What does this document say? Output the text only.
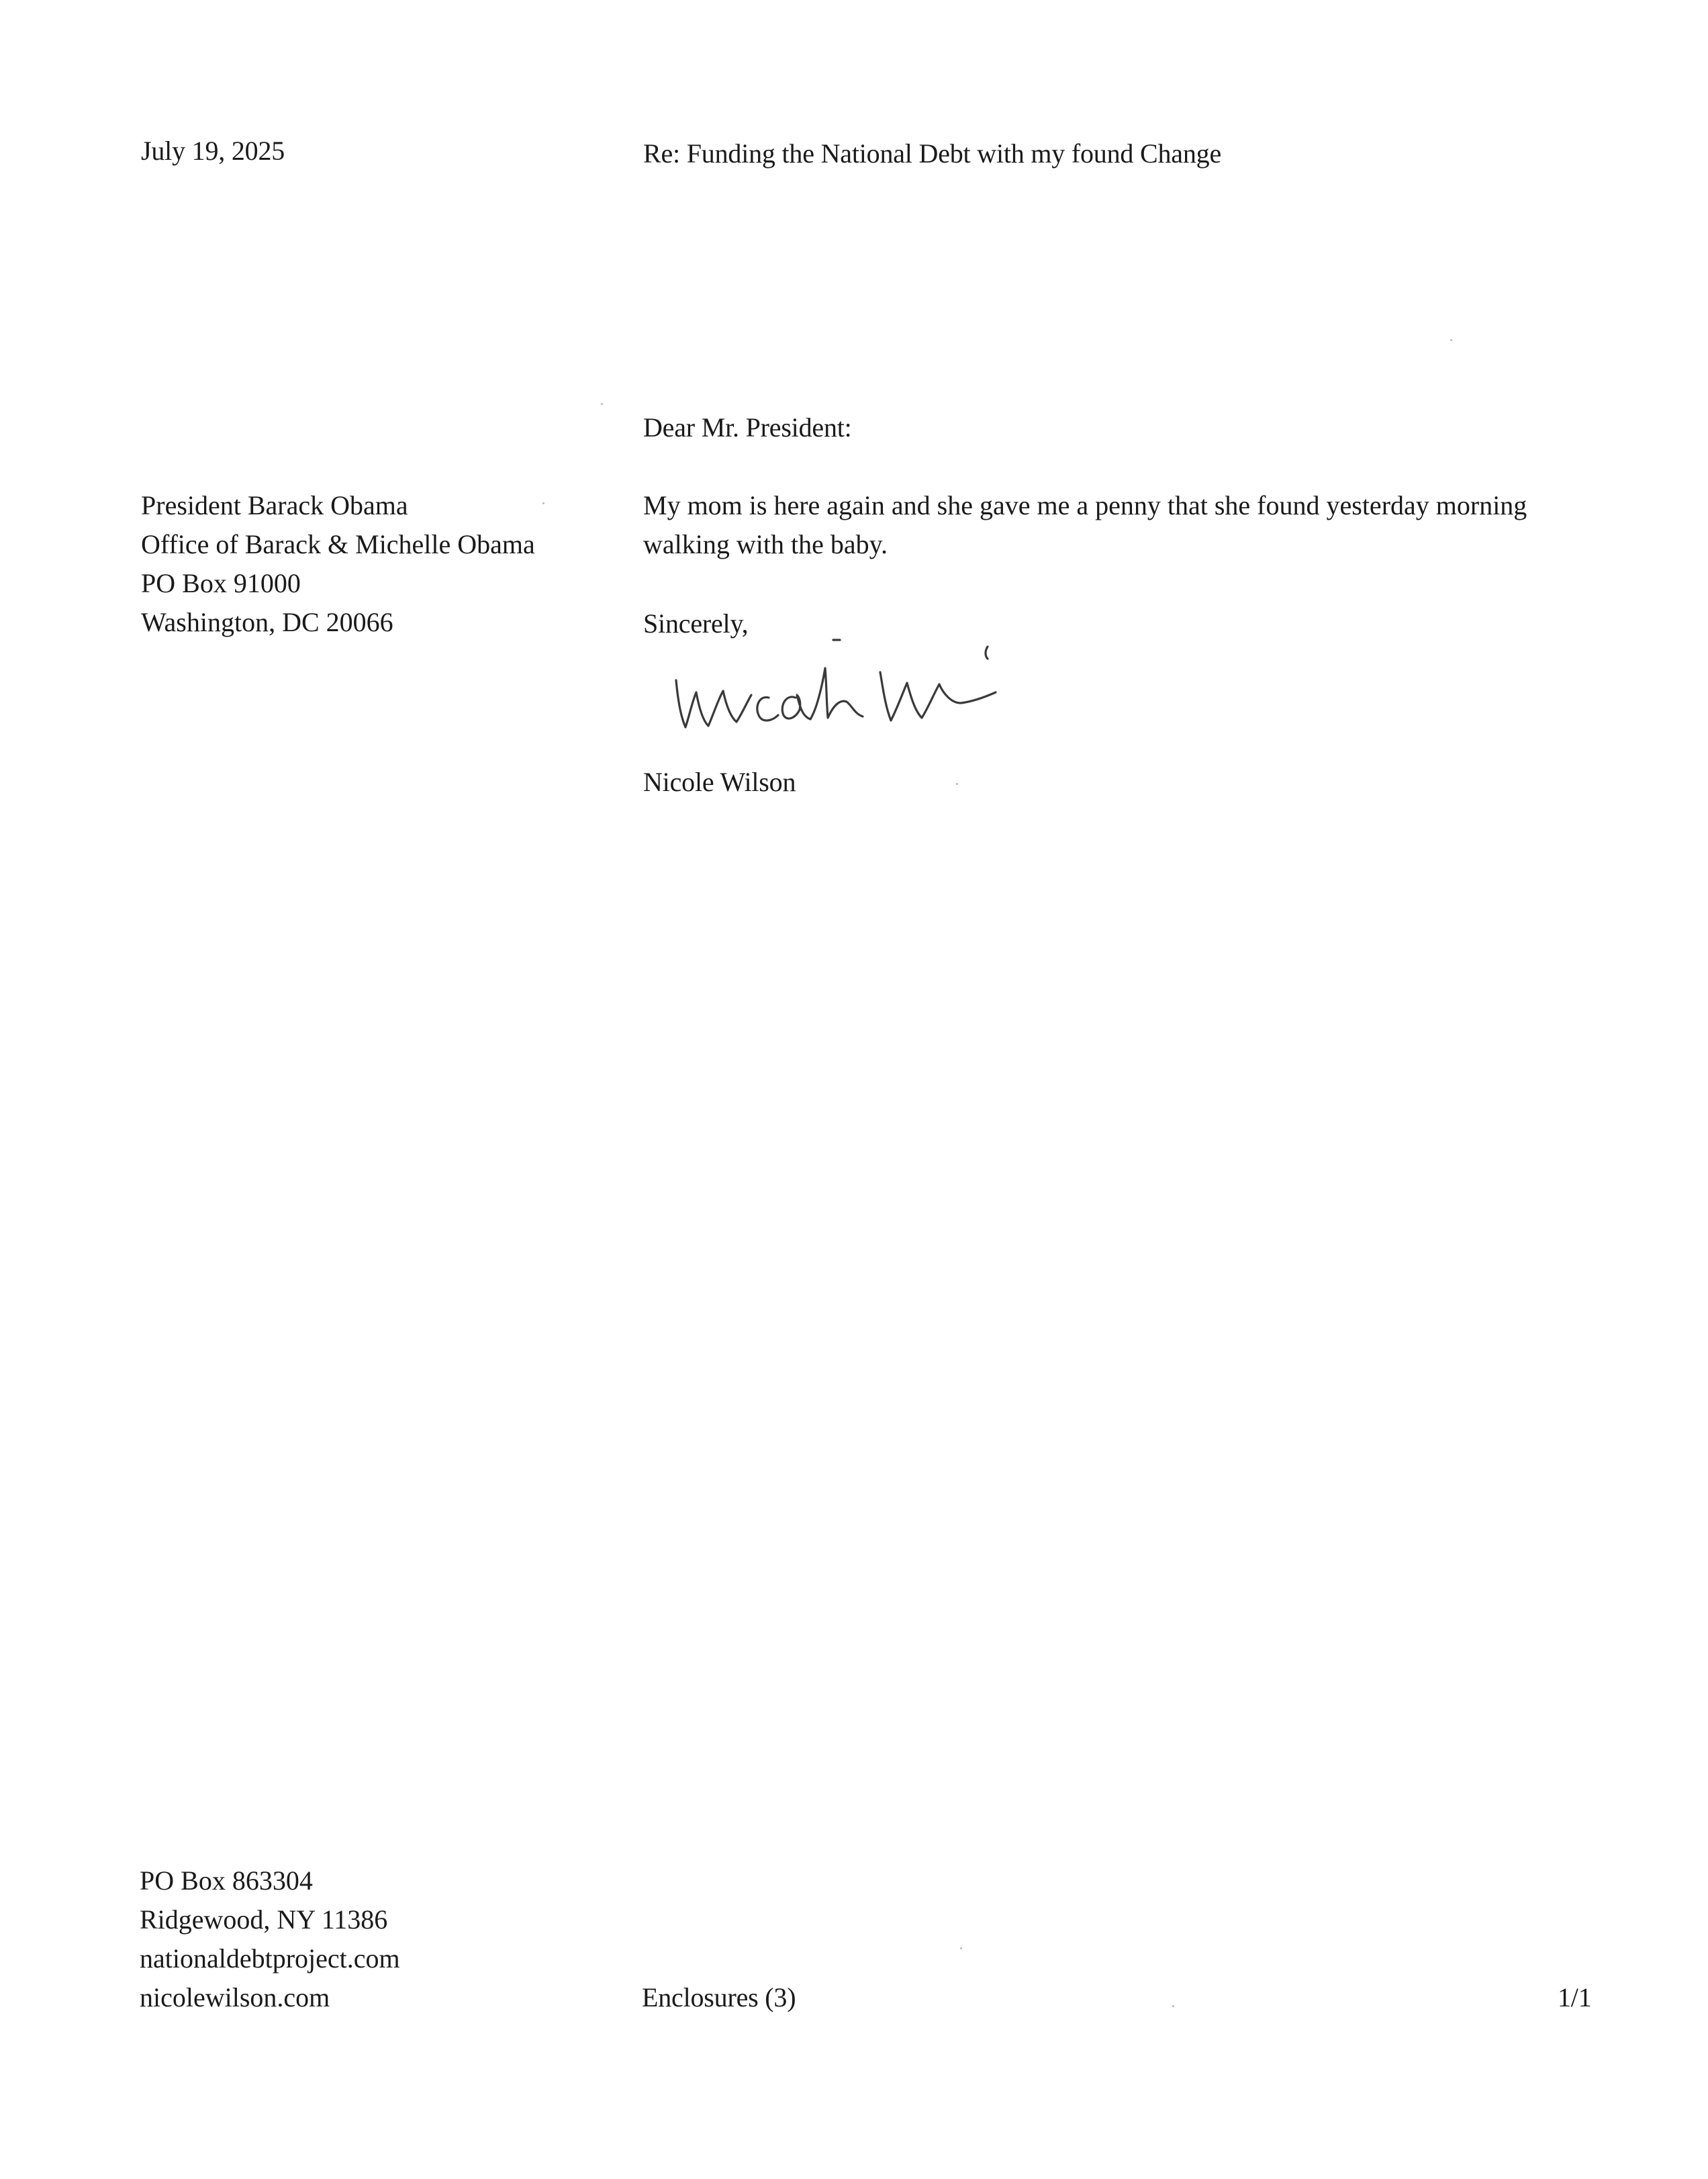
July 19, 2025	Re: Funding the National Debt with my found Change
Dear Mr. President:
President Barack Obama
Office of Barack & Michelle Obama
PO Box 91000
Washington, DC 20066
My mom is here again and she gave me a penny that she found yesterday morning
walking with the baby.
Sincerely,
Nicole Wilson
PO Box 863304
Ridgewood, NY 11386
nationaldebtproject.com
nicolewilson.com	Enclosures (3)	1/1
